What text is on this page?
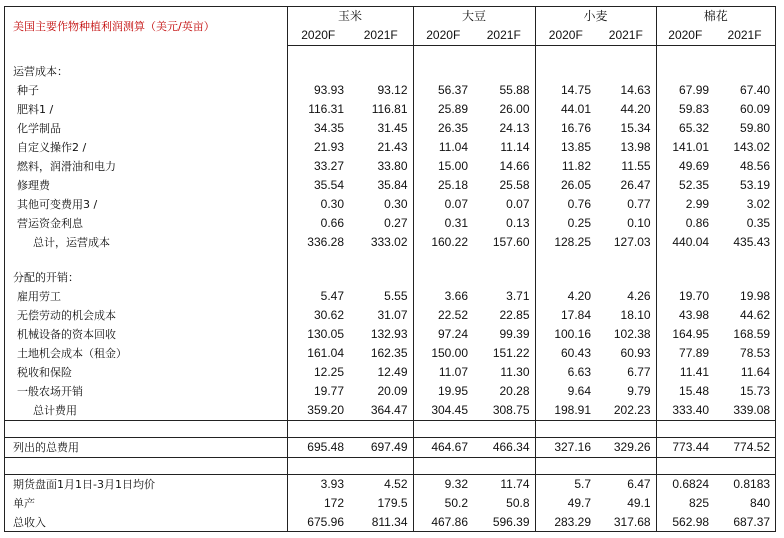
美国主要作物种植利润测算（美元/英亩）	玉米		大豆		小麦		棉花	
	2020F	2021F	2020F	2021F	2020F	2021F	2020F	2021F

运营成本：								
种子	93.93	93.12	56.37	55.88	14.75	14.63	67.99	67.40
肥料1 /	116.31	116.81	25.89	26.00	44.01	44.20	59.83	60.09
化学制品	34.35	31.45	26.35	24.13	16.76	15.34	65.32	59.80
自定义操作2 /	21.93	21.43	11.04	11.14	13.85	13.98	141.01	143.02
燃料，润滑油和电力	33.27	33.80	15.00	14.66	11.82	11.55	49.69	48.56
修理费	35.54	35.84	25.18	25.58	26.05	26.47	52.35	53.19
其他可变费用3 /	0.30	0.30	0.07	0.07	0.76	0.77	2.99	3.02
营运资金利息	0.66	0.27	0.31	0.13	0.25	0.10	0.86	0.35
总计，运营成本	336.28	333.02	160.22	157.60	128.25	127.03	440.04	435.43

分配的开销：								
雇用劳工	5.47	5.55	3.66	3.71	4.20	4.26	19.70	19.98
无偿劳动的机会成本	30.62	31.07	22.52	22.85	17.84	18.10	43.98	44.62
机械设备的资本回收	130.05	132.93	97.24	99.39	100.16	102.38	164.95	168.59
土地机会成本（租金）	161.04	162.35	150.00	151.22	60.43	60.93	77.89	78.53
税收和保险	12.25	12.49	11.07	11.30	6.63	6.77	11.41	11.64
一般农场开销	19.77	20.09	19.95	20.28	9.64	9.79	15.48	15.73
总计费用	359.20	364.47	304.45	308.75	198.91	202.23	333.40	339.08

列出的总费用	695.48	697.49	464.67	466.34	327.16	329.26	773.44	774.52

期货盘面1月1日-3月1日均价	3.93	4.52	9.32	11.74	5.7	6.47	0.6824	0.8183
单产	172	179.5	50.2	50.8	49.7	49.1	825	840
总收入	675.96	811.34	467.86	596.39	283.29	317.68	562.98	687.37
